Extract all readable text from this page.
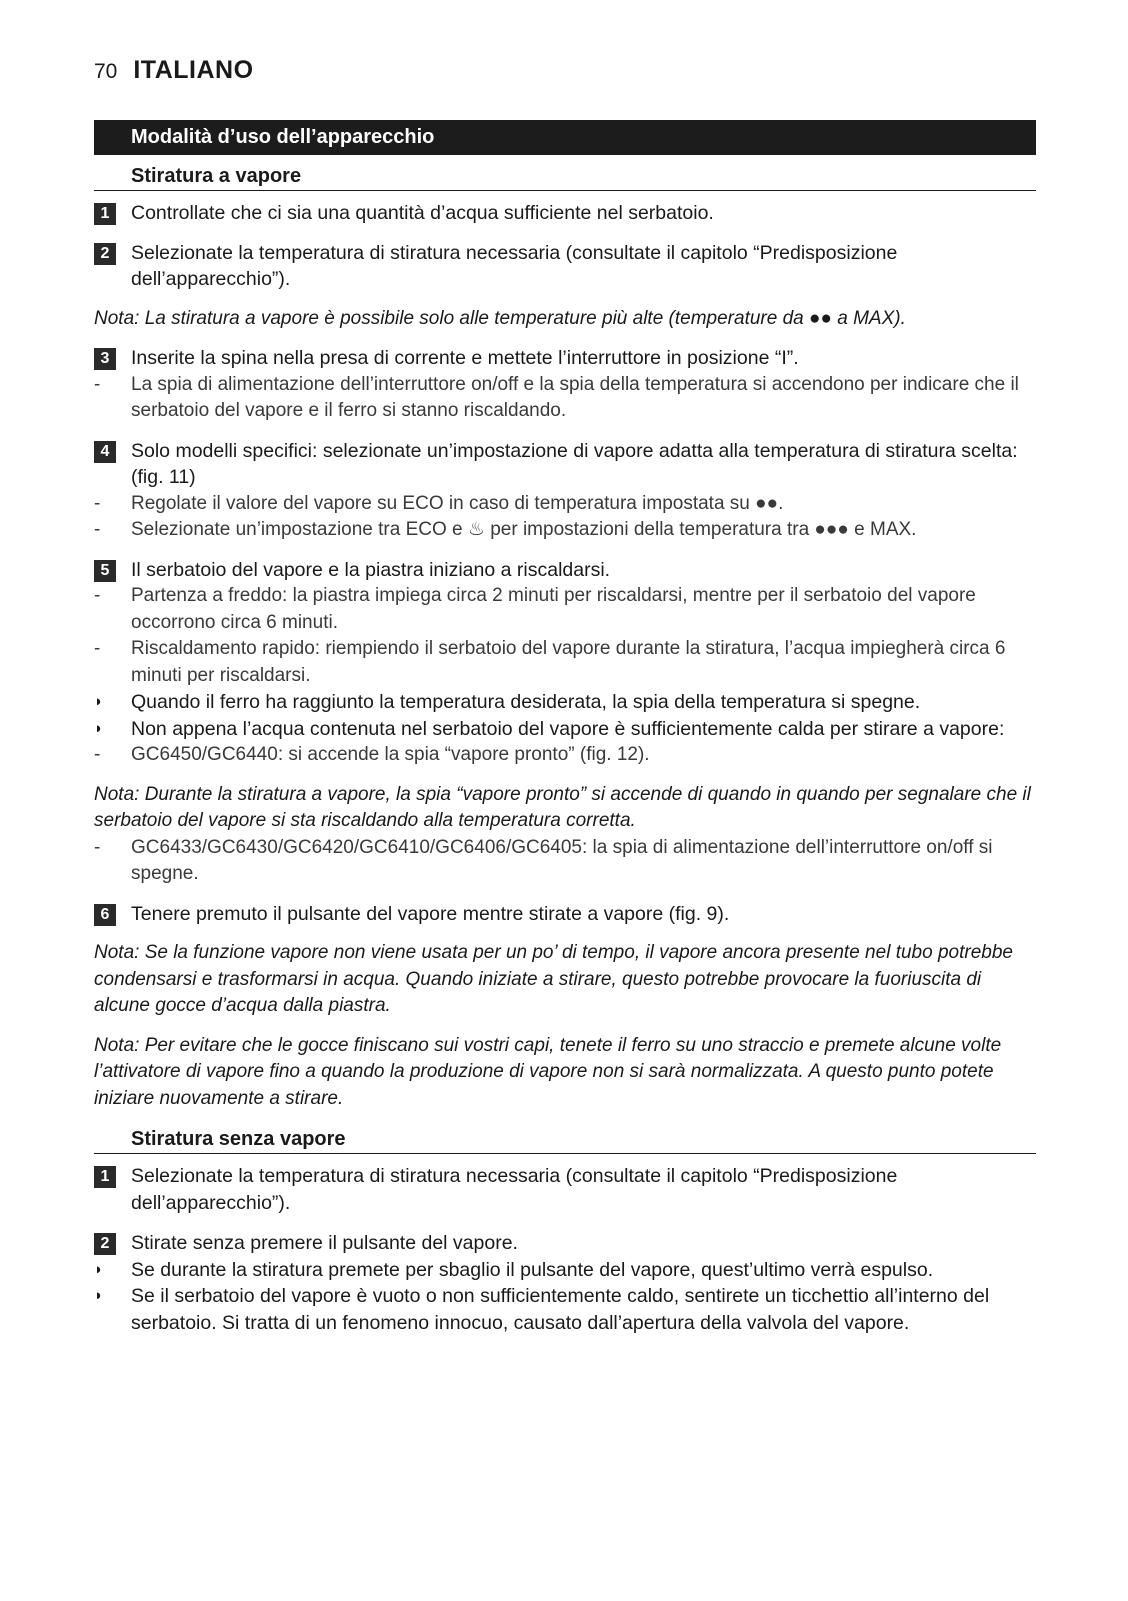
70 ITALIANO
Modalità d’uso dell’apparecchio
Stiratura a vapore
1	Controllate che ci sia una quantità d’acqua sufficiente nel serbatoio.
2	Selezionate la temperatura di stiratura necessaria (consultate il capitolo “Predisposizione dell’apparecchio”).
Nota: La stiratura a vapore è possibile solo alle temperature più alte (temperature da ●● a MAX).
3	Inserite la spina nella presa di corrente e mettete l’interruttore in posizione “I”.
-	La spia di alimentazione dell’interruttore on/off e la spia della temperatura si accendono per indicare che il serbatoio del vapore e il ferro si stanno riscaldando.
4	Solo modelli specifici: selezionate un’impostazione di vapore adatta alla temperatura di stiratura scelta: (fig. 11)
-	Regolate il valore del vapore su ECO in caso di temperatura impostata su ●●.
-	Selezionate un’impostazione tra ECO e ♨ per impostazioni della temperatura tra ●●● e MAX.
5	Il serbatoio del vapore e la piastra iniziano a riscaldarsi.
-	Partenza a freddo: la piastra impiega circa 2 minuti per riscaldarsi, mentre per il serbatoio del vapore occorrono circa 6 minuti.
-	Riscaldamento rapido: riempiendo il serbatoio del vapore durante la stiratura, l’acqua impiegherà circa 6 minuti per riscaldarsi.
◗ Quando il ferro ha raggiunto la temperatura desiderata, la spia della temperatura si spegne.
◗ Non appena l’acqua contenuta nel serbatoio del vapore è sufficientemente calda per stirare a vapore:
-	GC6450/GC6440: si accende la spia “vapore pronto” (fig. 12).
Nota: Durante la stiratura a vapore, la spia “vapore pronto” si accende di quando in quando per segnalare che il serbatoio del vapore si sta riscaldando alla temperatura corretta.
-	GC6433/GC6430/GC6420/GC6410/GC6406/GC6405: la spia di alimentazione dell’interruttore on/off si spegne.
6	Tenere premuto il pulsante del vapore mentre stirate a vapore (fig. 9).
Nota: Se la funzione vapore non viene usata per un po’ di tempo, il vapore ancora presente nel tubo potrebbe condensarsi e trasformarsi in acqua. Quando iniziate a stirare, questo potrebbe provocare la fuoriuscita di alcune gocce d’acqua dalla piastra.
Nota: Per evitare che le gocce finiscano sui vostri capi, tenete il ferro su uno straccio e premete alcune volte l’attivatore di vapore fino a quando la produzione di vapore non si sarà normalizzata. A questo punto potete iniziare nuovamente a stirare.
Stiratura senza vapore
1	Selezionate la temperatura di stiratura necessaria (consultate il capitolo “Predisposizione dell’apparecchio”).
2	Stirate senza premere il pulsante del vapore.
◗ Se durante la stiratura premete per sbaglio il pulsante del vapore, quest’ultimo verrà espulso.
◗ Se il serbatoio del vapore è vuoto o non sufficientemente caldo, sentirete un ticchettio all’interno del serbatoio. Si tratta di un fenomeno innocuo, causato dall’apertura della valvola del vapore.
